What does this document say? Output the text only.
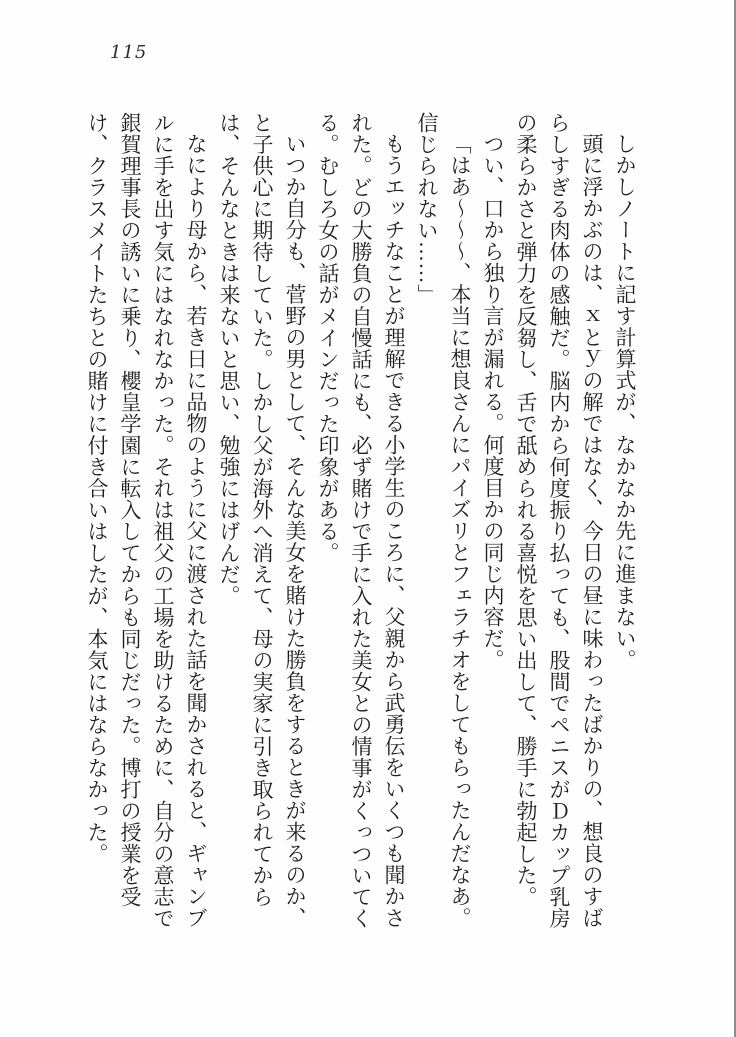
115

しかしノートに記す計算式が、なかなか先に進まない。

頭に浮かぶのは、ｘとｙの解ではなく、今日の昼に味わったばかりの、想良のすばらしすぎる肉体の感触だ。脳内から何度振り払っても、股間でペニスがＤカップ乳房の柔らかさと弾力を反芻し、舌で舐められる喜悦を思い出して、勝手に勃起した。

つい、口から独り言が漏れる。何度目かの同じ内容だ。

「はあ～～～、本当に想良さんにパイズリとフェラチオをしてもらったんだなあ。信じられない……」

もうエッチなことが理解できる小学生のころに、父親から武勇伝をいくつも聞かされた。どの大勝負の自慢話にも、必ず賭けで手に入れた美女との情事がくっついてくる。むしろ女の話がメインだった印象がある。

いつか自分も、菅野の男として、そんな美女を賭けた勝負をするときが来るのか、と子供心に期待していた。しかし父が海外へ消えて、母の実家に引き取られてからは、そんなときは来ないと思い、勉強にはげんだ。

なにより母から、若き日に品物のように父に渡された話を聞かされると、ギャンブルに手を出す気にはなれなかった。それは祖父の工場を助けるために、自分の意志で銀賀理事長の誘いに乗り、櫻皇学園に転入してからも同じだった。博打の授業を受け、クラスメイトたちとの賭けに付き合いはしたが、本気にはならなかった。
